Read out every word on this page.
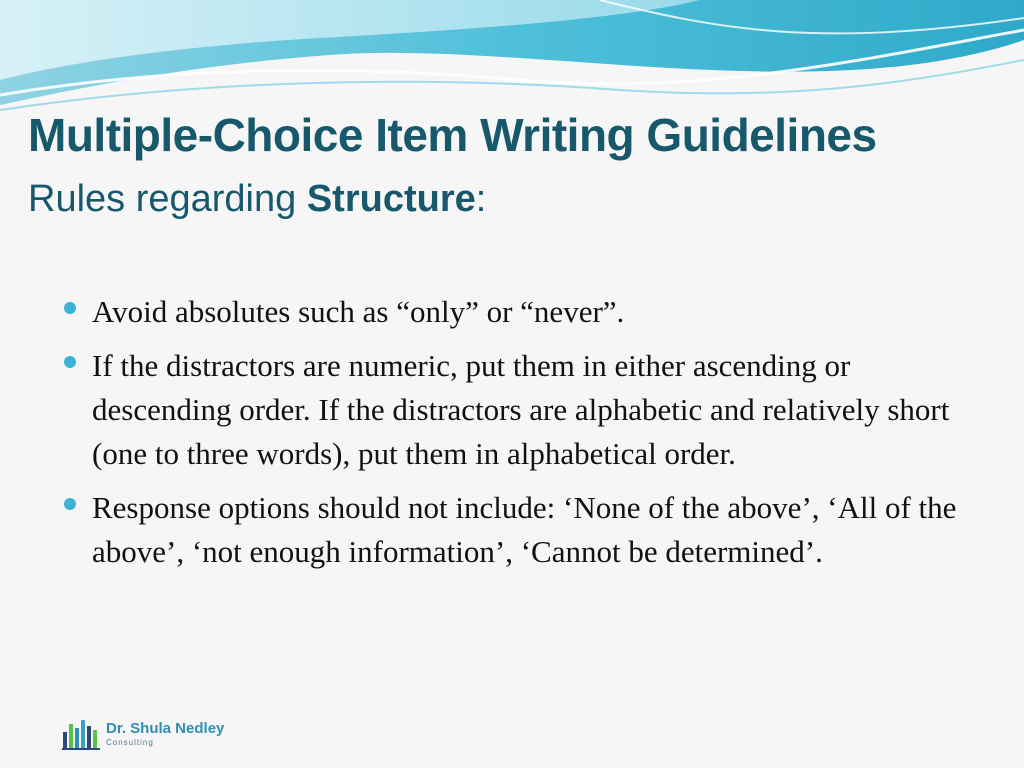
Multiple-Choice Item Writing Guidelines
Rules regarding Structure:
Avoid absolutes such as “only” or “never”.
If the distractors are numeric, put them in either ascending or descending order. If the distractors are alphabetic and relatively short (one to three words), put them in alphabetical order.
Response options should not include: ‘None of the above’, ‘All of the above’, ‘not enough information’, ‘Cannot be determined’.
Dr. Shula Nedley
Consulting
